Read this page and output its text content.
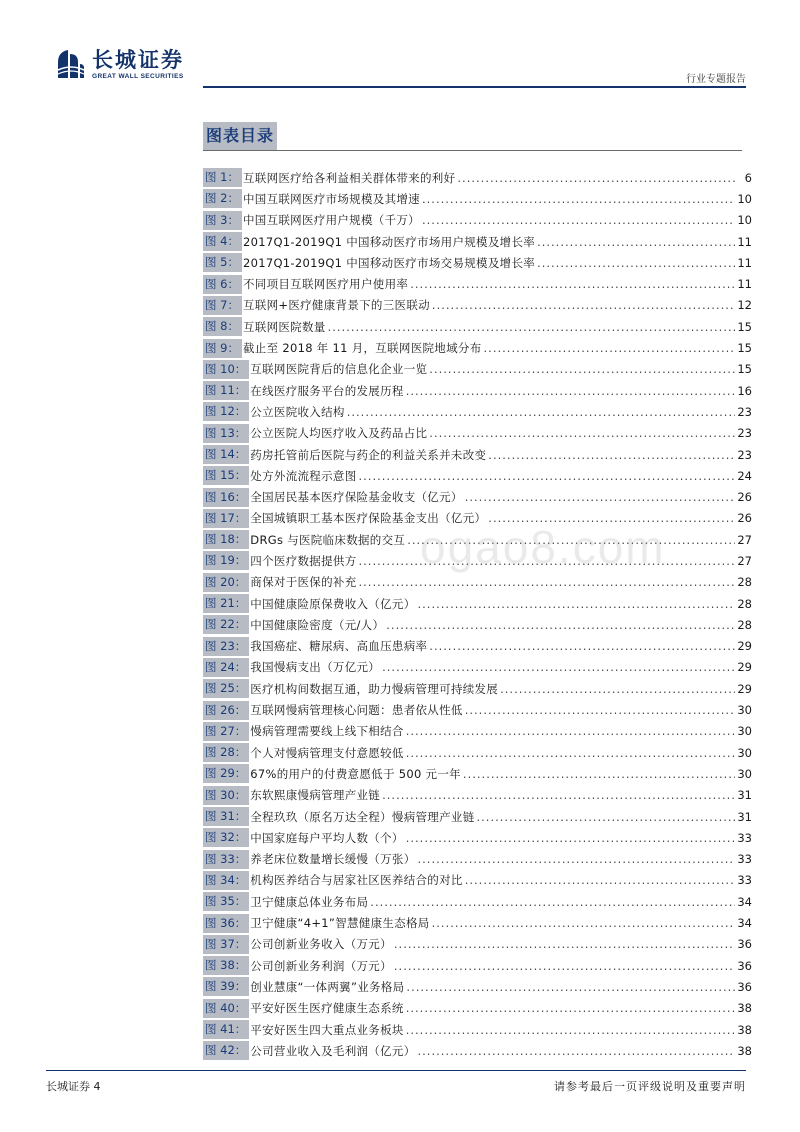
长城证券
GREAT WALL SECURITIES	行业专题报告
图表目录
图 1： 互联网医疗给各利益相关群体带来的利好 .....	6
图 2： 中国互联网医疗市场规模及其增速 .....	10
图 3： 中国互联网医疗用户规模（千万） .....	10
图 4： 2017Q1-2019Q1 中国移动医疗市场用户规模及增长率 .....	11
图 5： 2017Q1-2019Q1 中国移动医疗市场交易规模及增长率 .....	11
图 6： 不同项目互联网医疗用户使用率 .....	11
图 7： 互联网+医疗健康背景下的三医联动 .....	12
图 8： 互联网医院数量 .....	15
图 9： 截止至 2018 年 11 月，互联网医院地域分布 .....	15
图 10： 互联网医院背后的信息化企业一览 .....	15
图 11： 在线医疗服务平台的发展历程 .....	16
图 12： 公立医院收入结构 .....	23
图 13： 公立医院人均医疗收入及药品占比 .....	23
图 14： 药房托管前后医院与药企的利益关系并未改变 .....	23
图 15： 处方外流流程示意图 .....	24
图 16： 全国居民基本医疗保险基金收支（亿元） .....	26
图 17： 全国城镇职工基本医疗保险基金支出（亿元） .....	26
图 18： DRGs 与医院临床数据的交互 .....	27
图 19： 四个医疗数据提供方 .....	27
图 20： 商保对于医保的补充 .....	28
图 21： 中国健康险原保费收入（亿元） .....	28
图 22： 中国健康险密度（元/人） .....	28
图 23： 我国癌症、糖尿病、高血压患病率 .....	29
图 24： 我国慢病支出（万亿元） .....	29
图 25： 医疗机构间数据互通，助力慢病管理可持续发展 .....	29
图 26： 互联网慢病管理核心问题：患者依从性低 .....	30
图 27： 慢病管理需要线上线下相结合 .....	30
图 28： 个人对慢病管理支付意愿较低 .....	30
图 29： 67%的用户的付费意愿低于 500 元一年 .....	30
图 30： 东软熙康慢病管理产业链 .....	31
图 31： 全程玖玖（原名万达全程）慢病管理产业链 .....	31
图 32： 中国家庭每户平均人数（个） .....	33
图 33： 养老床位数量增长缓慢（万张） .....	33
图 34： 机构医养结合与居家社区医养结合的对比 .....	33
图 35： 卫宁健康总体业务布局 .....	34
图 36： 卫宁健康“4+1”智慧健康生态格局 .....	34
图 37： 公司创新业务收入（万元） .....	36
图 38： 公司创新业务利润（万元） .....	36
图 39： 创业慧康“一体两翼”业务格局 .....	36
图 40： 平安好医生医疗健康生态系统 .....	38
图 41： 平安好医生四大重点业务板块 .....	38
图 42： 公司营业收入及毛利润（亿元） .....	38
ogao8.com
长城证券 4	请参考最后一页评级说明及重要声明
